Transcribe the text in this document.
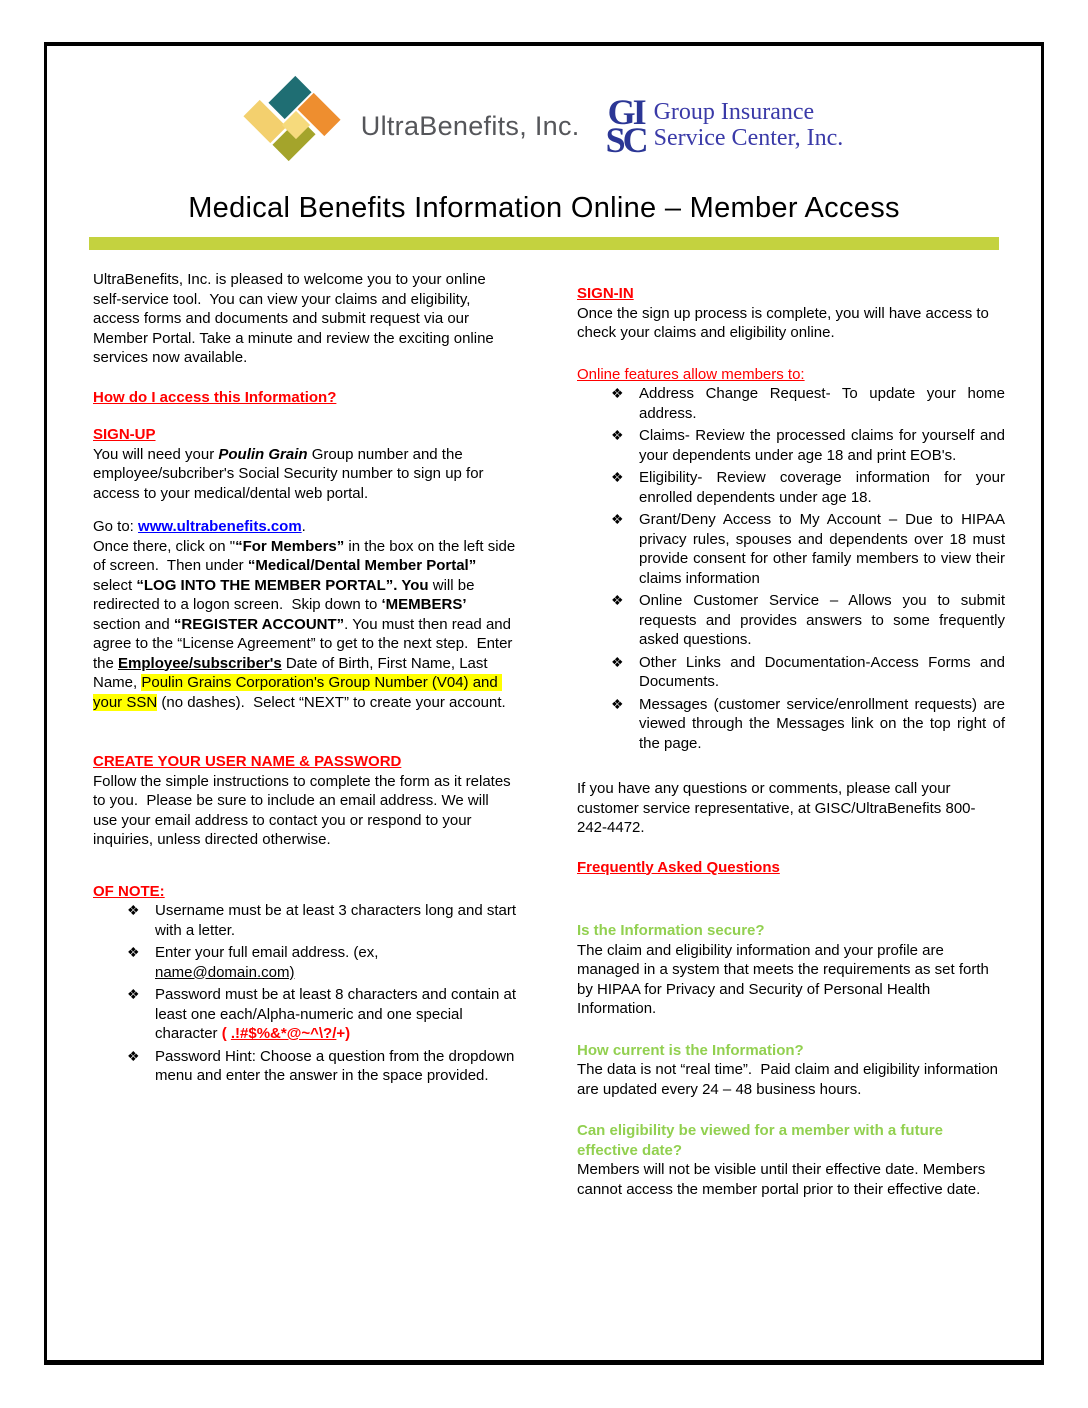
UltraBenefits, Inc. GI
SC
Group Insurance
Service Center, Inc.
Medical Benefits Information Online – Member Access

UltraBenefits, Inc. is pleased to welcome you to your online self-service tool.  You can view your claims and eligibility, access forms and documents and submit request via our Member Portal. Take a minute and review the exciting online services now available.

How do I access this Information?

SIGN-UP

You will need your Poulin Grain Group number and the employee/subcriber's Social Security number to sign up for access to your medical/dental web portal.

Go to: www.ultrabenefits.com.

Once there, click on "“For Members” in the box on the left side of screen.  Then under “Medical/Dental Member Portal” select “LOG INTO THE MEMBER PORTAL”. You will be redirected to a logon screen.  Skip down to ‘MEMBERS’ section and “REGISTER ACCOUNT”. You must then read and agree to the “License Agreement” to get to the next step.  Enter the Employee/subscriber's Date of Birth, First Name, Last Name, Poulin Grains Corporation's Group Number (V04) and your SSN (no dashes).  Select “NEXT” to create your account.

CREATE YOUR USER NAME & PASSWORD

Follow the simple instructions to complete the form as it relates to you.  Please be sure to include an email address. We will use your email address to contact you or respond to your inquiries, unless directed otherwise.

OF NOTE:

❖	Username must be at least 3 characters long and start with a letter.
❖	Enter your full email address. (ex, name@domain.com)
❖	Password must be at least 8 characters and contain at least one each/Alpha-numeric and one special character ( .!#$%&*@~^\?/+)
❖	Password Hint: Choose a question from the dropdown menu and enter the answer in the space provided.

SIGN-IN

Once the sign up process is complete, you will have access to check your claims and eligibility online.

Online features allow members to:

❖	Address Change Request- To update your home address.
❖	Claims- Review the processed claims for yourself and your dependents under age 18 and print EOB's.
❖	Eligibility- Review coverage information for your enrolled dependents under age 18.
❖	Grant/Deny Access to My Account – Due to HIPAA privacy rules, spouses and dependents over 18 must provide consent for other family members to view their claims information
❖	Online Customer Service – Allows you to submit requests and provides answers to some frequently asked questions.
❖	Other Links and Documentation-Access Forms and Documents.
❖	Messages (customer service/enrollment requests) are viewed through the Messages link on the top right of the page.

If you have any questions or comments, please call your customer service representative, at GISC/UltraBenefits 800-242-4472.

Frequently Asked Questions

Is the Information secure?

The claim and eligibility information and your profile are managed in a system that meets the requirements as set forth by HIPAA for Privacy and Security of Personal Health Information.

How current is the Information?

The data is not “real time”.  Paid claim and eligibility information are updated every 24 – 48 business hours.

Can eligibility be viewed for a member with a future effective date?

Members will not be visible until their effective date. Members cannot access the member portal prior to their effective date.
